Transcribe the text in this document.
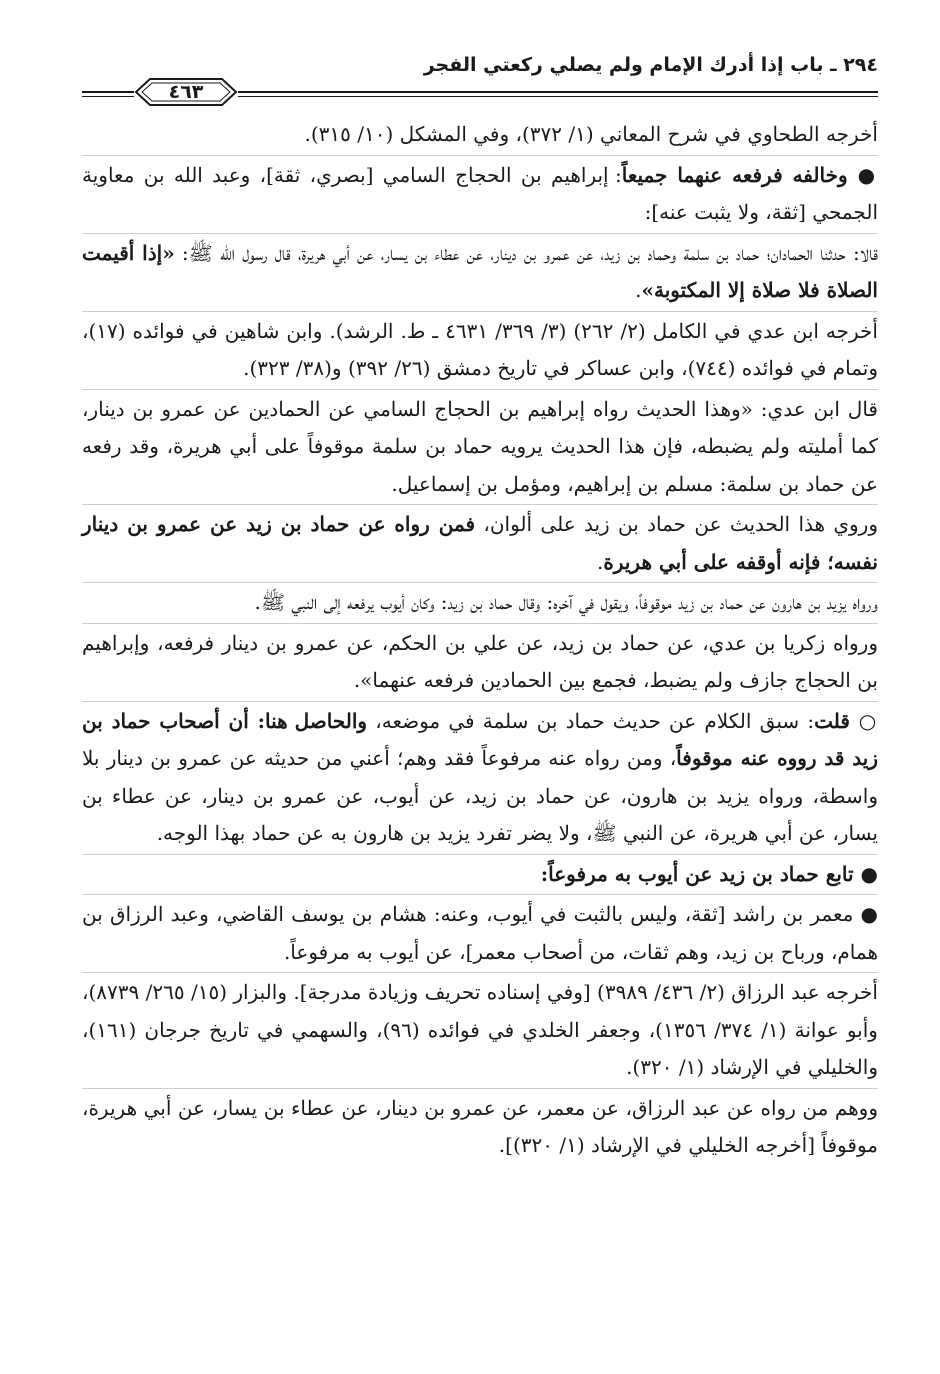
٢٩٤ ـ باب إذا أدرك الإمام ولم يصلي ركعتي الفجر
٤٦٣

أخرجه الطحاوي في شرح المعاني (١/ ٣٧٢)، وفي المشكل (١٠/ ٣١٥).

● وخالفه فرفعه عنهما جميعاً: إبراهيم بن الحجاج السامي [بصري، ثقة]، وعبد الله بن معاوية الجمحي [ثقة، ولا يثبت عنه]:

قالا: حدثنا الحمادان؛ حماد بن سلمة وحماد بن زيد، عن عمرو بن دينار، عن عطاء بن يسار، عن أبي هريرة، قال رسول الله ﷺ: «إذا أقيمت الصلاة فلا صلاة إلا المكتوبة».

أخرجه ابن عدي في الكامل (٢/ ٢٦٢) (٣/ ٣٦٩/ ٤٦٣١ ـ ط. الرشد). وابن شاهين في فوائده (١٧)، وتمام في فوائده (٧٤٤)، وابن عساكر في تاريخ دمشق (٢٦/ ٣٩٢) و(٣٨/ ٣٢٣).

قال ابن عدي: «وهذا الحديث رواه إبراهيم بن الحجاج السامي عن الحمادين عن عمرو بن دينار، كما أمليته ولم يضبطه، فإن هذا الحديث يرويه حماد بن سلمة موقوفاً على أبي هريرة، وقد رفعه عن حماد بن سلمة: مسلم بن إبراهيم، ومؤمل بن إسماعيل.

وروي هذا الحديث عن حماد بن زيد على ألوان، فمن رواه عن حماد بن زيد عن عمرو بن دينار نفسه؛ فإنه أوقفه على أبي هريرة.

ورواه يزيد بن هارون عن حماد بن زيد موقوفاً، ويقول في آخره: وقال حماد بن زيد: وكان أيوب يرفعه إلى النبي ﷺ.

ورواه زكريا بن عدي، عن حماد بن زيد، عن علي بن الحكم، عن عمرو بن دينار فرفعه، وإبراهيم بن الحجاج جازف ولم يضبط، فجمع بين الحمادين فرفعه عنهما».

○ قلت: سبق الكلام عن حديث حماد بن سلمة في موضعه، والحاصل هنا: أن أصحاب حماد بن زيد قد رووه عنه موقوفاً، ومن رواه عنه مرفوعاً فقد وهم؛ أعني من حديثه عن عمرو بن دينار بلا واسطة، ورواه يزيد بن هارون، عن حماد بن زيد، عن أيوب، عن عمرو بن دينار، عن عطاء بن يسار، عن أبي هريرة، عن النبي ﷺ، ولا يضر تفرد يزيد بن هارون به عن حماد بهذا الوجه.

● تابع حماد بن زيد عن أيوب به مرفوعاً:

● معمر بن راشد [ثقة، وليس بالثبت في أيوب، وعنه: هشام بن يوسف القاضي، وعبد الرزاق بن همام، ورباح بن زيد، وهم ثقات، من أصحاب معمر]، عن أيوب به مرفوعاً.

أخرجه عبد الرزاق (٢/ ٤٣٦/ ٣٩٨٩) [وفي إسناده تحريف وزيادة مدرجة]. والبزار (١٥/ ٢٦٥/ ٨٧٣٩)، وأبو عوانة (١/ ٣٧٤/ ١٣٥٦)، وجعفر الخلدي في فوائده (٩٦)، والسهمي في تاريخ جرجان (١٦١)، والخليلي في الإرشاد (١/ ٣٢٠).

ووهم من رواه عن عبد الرزاق، عن معمر، عن عمرو بن دينار، عن عطاء بن يسار، عن أبي هريرة، موقوفاً [أخرجه الخليلي في الإرشاد (١/ ٣٢٠)].
